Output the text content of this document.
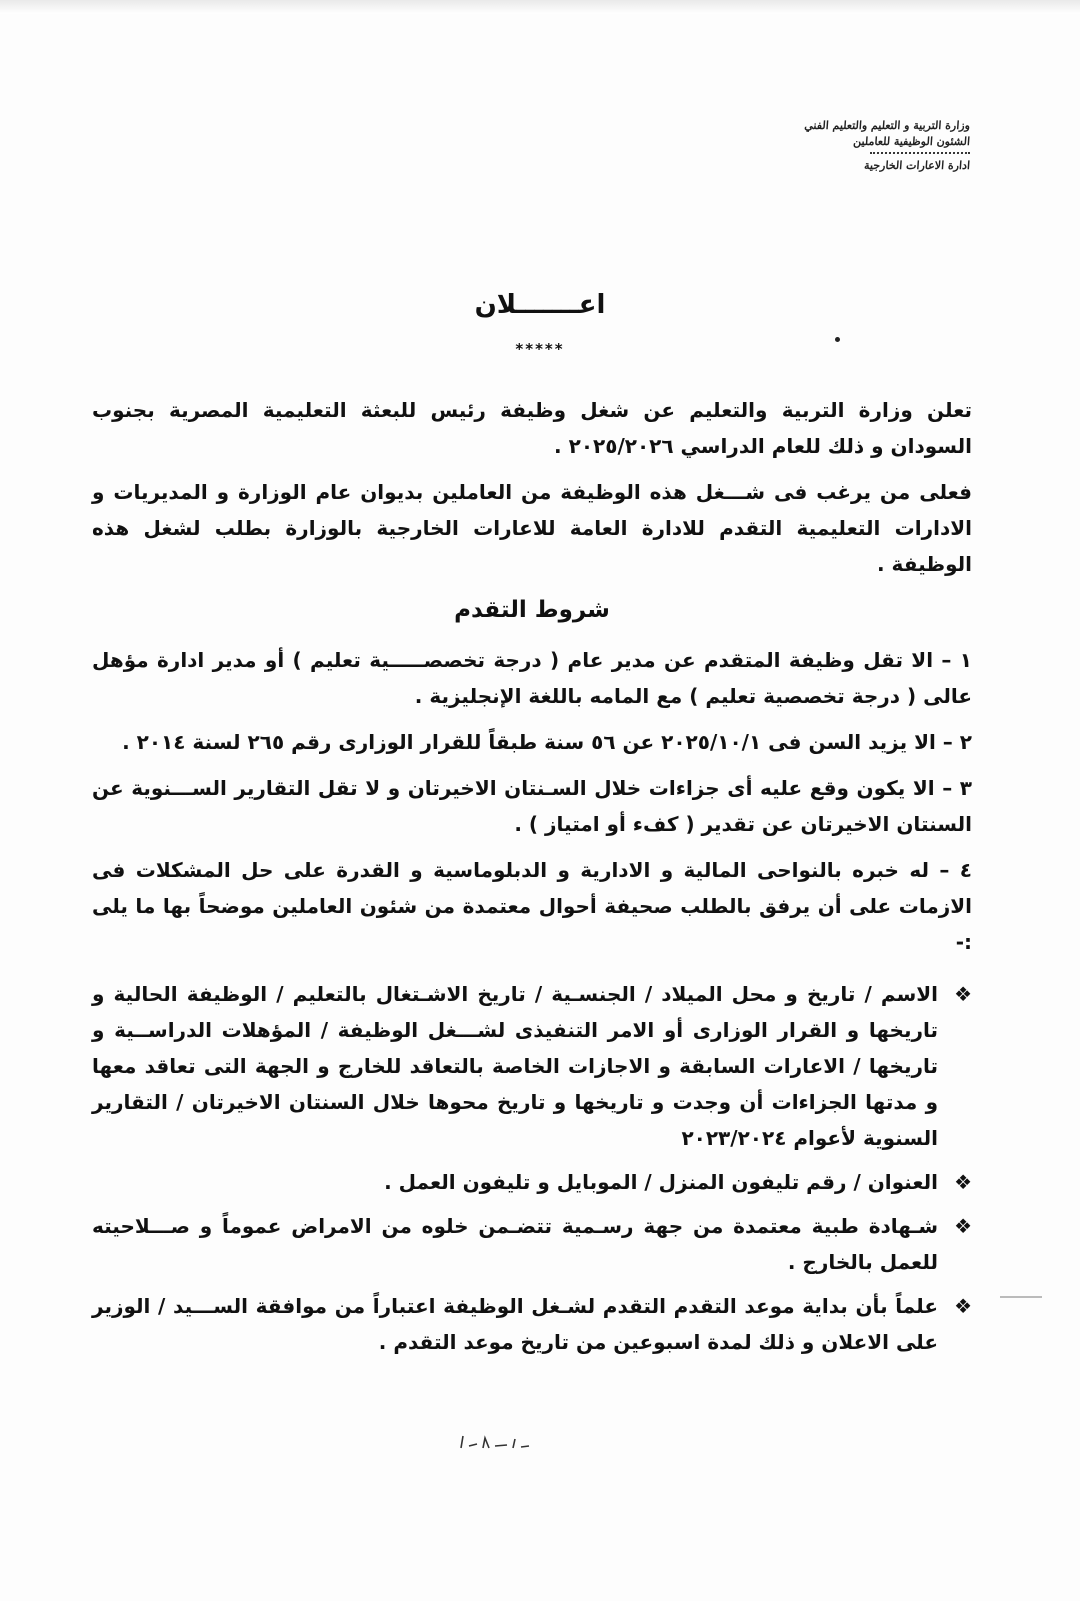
وزارة التربية و التعليم والتعليم الفني
الشئون الوظيفية للعاملين
ادارة الاعارات الخارجية
اعـــــــلان
*****

تعلن وزارة التربية والتعليم عن شغل وظيفة رئيس للبعثة التعليمية المصرية بجنوب السودان و ذلك للعام الدراسي ٢٠٢٥/٢٠٢٦ .

فعلى من يرغب فى شـــغل هذه الوظيفة من العاملين بديوان عام الوزارة و المديريات و الادارات التعليمية التقدم للادارة العامة للاعارات الخارجية بالوزارة بطلب لشغل هذه الوظيفة .

شروط التقدم

١ – الا تقل وظيفة المتقدم عن مدير عام ( درجة تخصصـــــية تعليم ) أو مدير ادارة مؤهل عالى ( درجة تخصصية تعليم ) مع المامه باللغة الإنجليزية .

٢ – الا يزيد السن فى ٢٠٢٥/١٠/١ عن ٥٦ سنة طبقاً للقرار الوزارى رقم ٢٦٥ لسنة ٢٠١٤ .

٣ – الا يكون وقع عليه أى جزاءات خلال السـنتان الاخيرتان و لا تقل التقارير الســـنوية عن السنتان الاخيرتان عن تقدير ( كفء أو امتياز ) .

٤ – له خبره بالنواحى المالية و الادارية و الدبلوماسية و القدرة على حل المشكلات فى الازمات على أن يرفق بالطلب صحيفة أحوال معتمدة من شئون العاملين موضحاً بها ما يلى :-

❖
الاسم / تاريخ و محل الميلاد / الجنسـية / تاريخ الاشـتغال بالتعليم / الوظيفة الحالية و تاريخها و القرار الوزارى أو الامر التنفيذى لشـــغل الوظيفة / المؤهلات الدراســية و تاريخها / الاعارات السابقة و الاجازات الخاصة بالتعاقد للخارج و الجهة التى تعاقد معها و مدتها الجزاءات أن وجدت و تاريخها و تاريخ محوها خلال السنتان الاخيرتان / التقارير السنوية لأعوام ٢٠٢٣/٢٠٢٤
❖
العنوان / رقم تليفون المنزل / الموبايل و تليفون العمل .
❖
شـهادة طبية معتمدة من جهة رسـمية تتضـمن خلوه من الامراض عموماً و صـــلاحيته للعمل بالخارج .
❖
علماً بأن بداية موعد التقدم التقدم لشـغل الوظيفة اعتباراً من موافقة الســـيد / الوزير على الاعلان و ذلك لمدة اسبوعين من تاريخ موعد التقدم .
